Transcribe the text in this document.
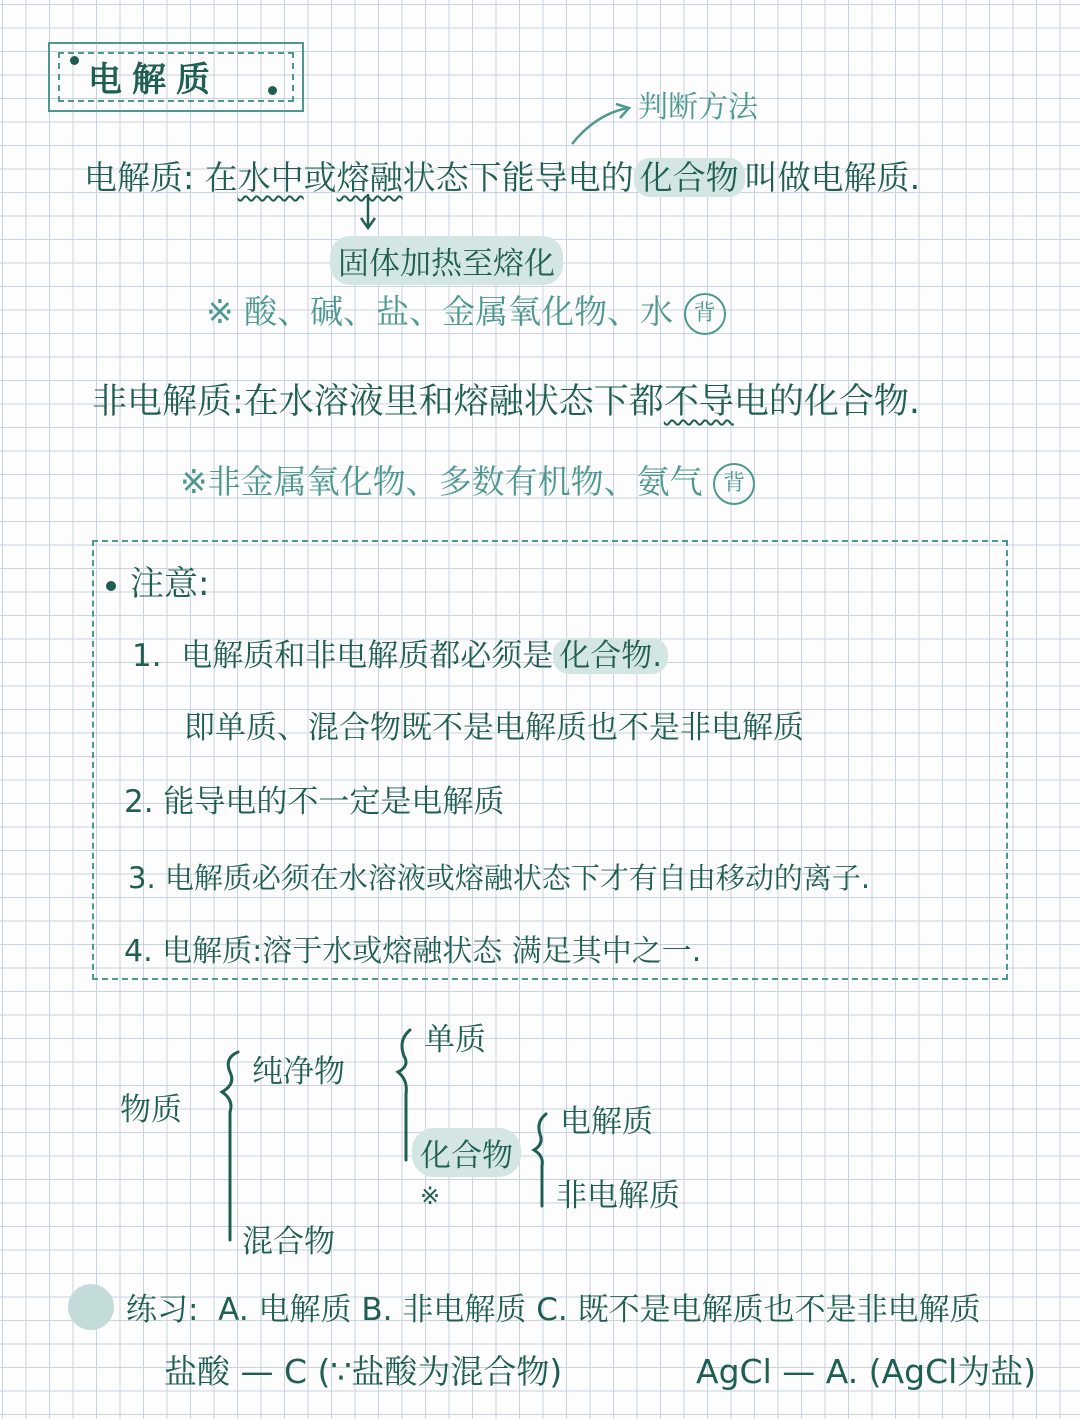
电解质
判断方法
电解质: 在水中或熔融状态下能导电的 化合物 叫做电解质.
固体加热至熔化
※ 酸、碱、盐、金属氧化物、水 背
非电解质:在水溶液里和熔融状态下都不导电的化合物.
※非金属氧化物、多数有机物、氨气 背
注意:
1. 电解质和非电解质都必须是 化合物.
即单质、混合物既不是电解质也不是非电解质
2. 能导电的不一定是电解质
3. 电解质必须在水溶液或熔融状态下才有自由移动的离子.
4. 电解质:溶于水或熔融状态 满足其中之一.
物质
纯净物
混合物
单质
化合物
※
电解质
非电解质
练习: A. 电解质 B. 非电解质 C. 既不是电解质也不是非电解质
盐酸 — C (∵盐酸为混合物)	AgCl — A. (AgCl为盐)
